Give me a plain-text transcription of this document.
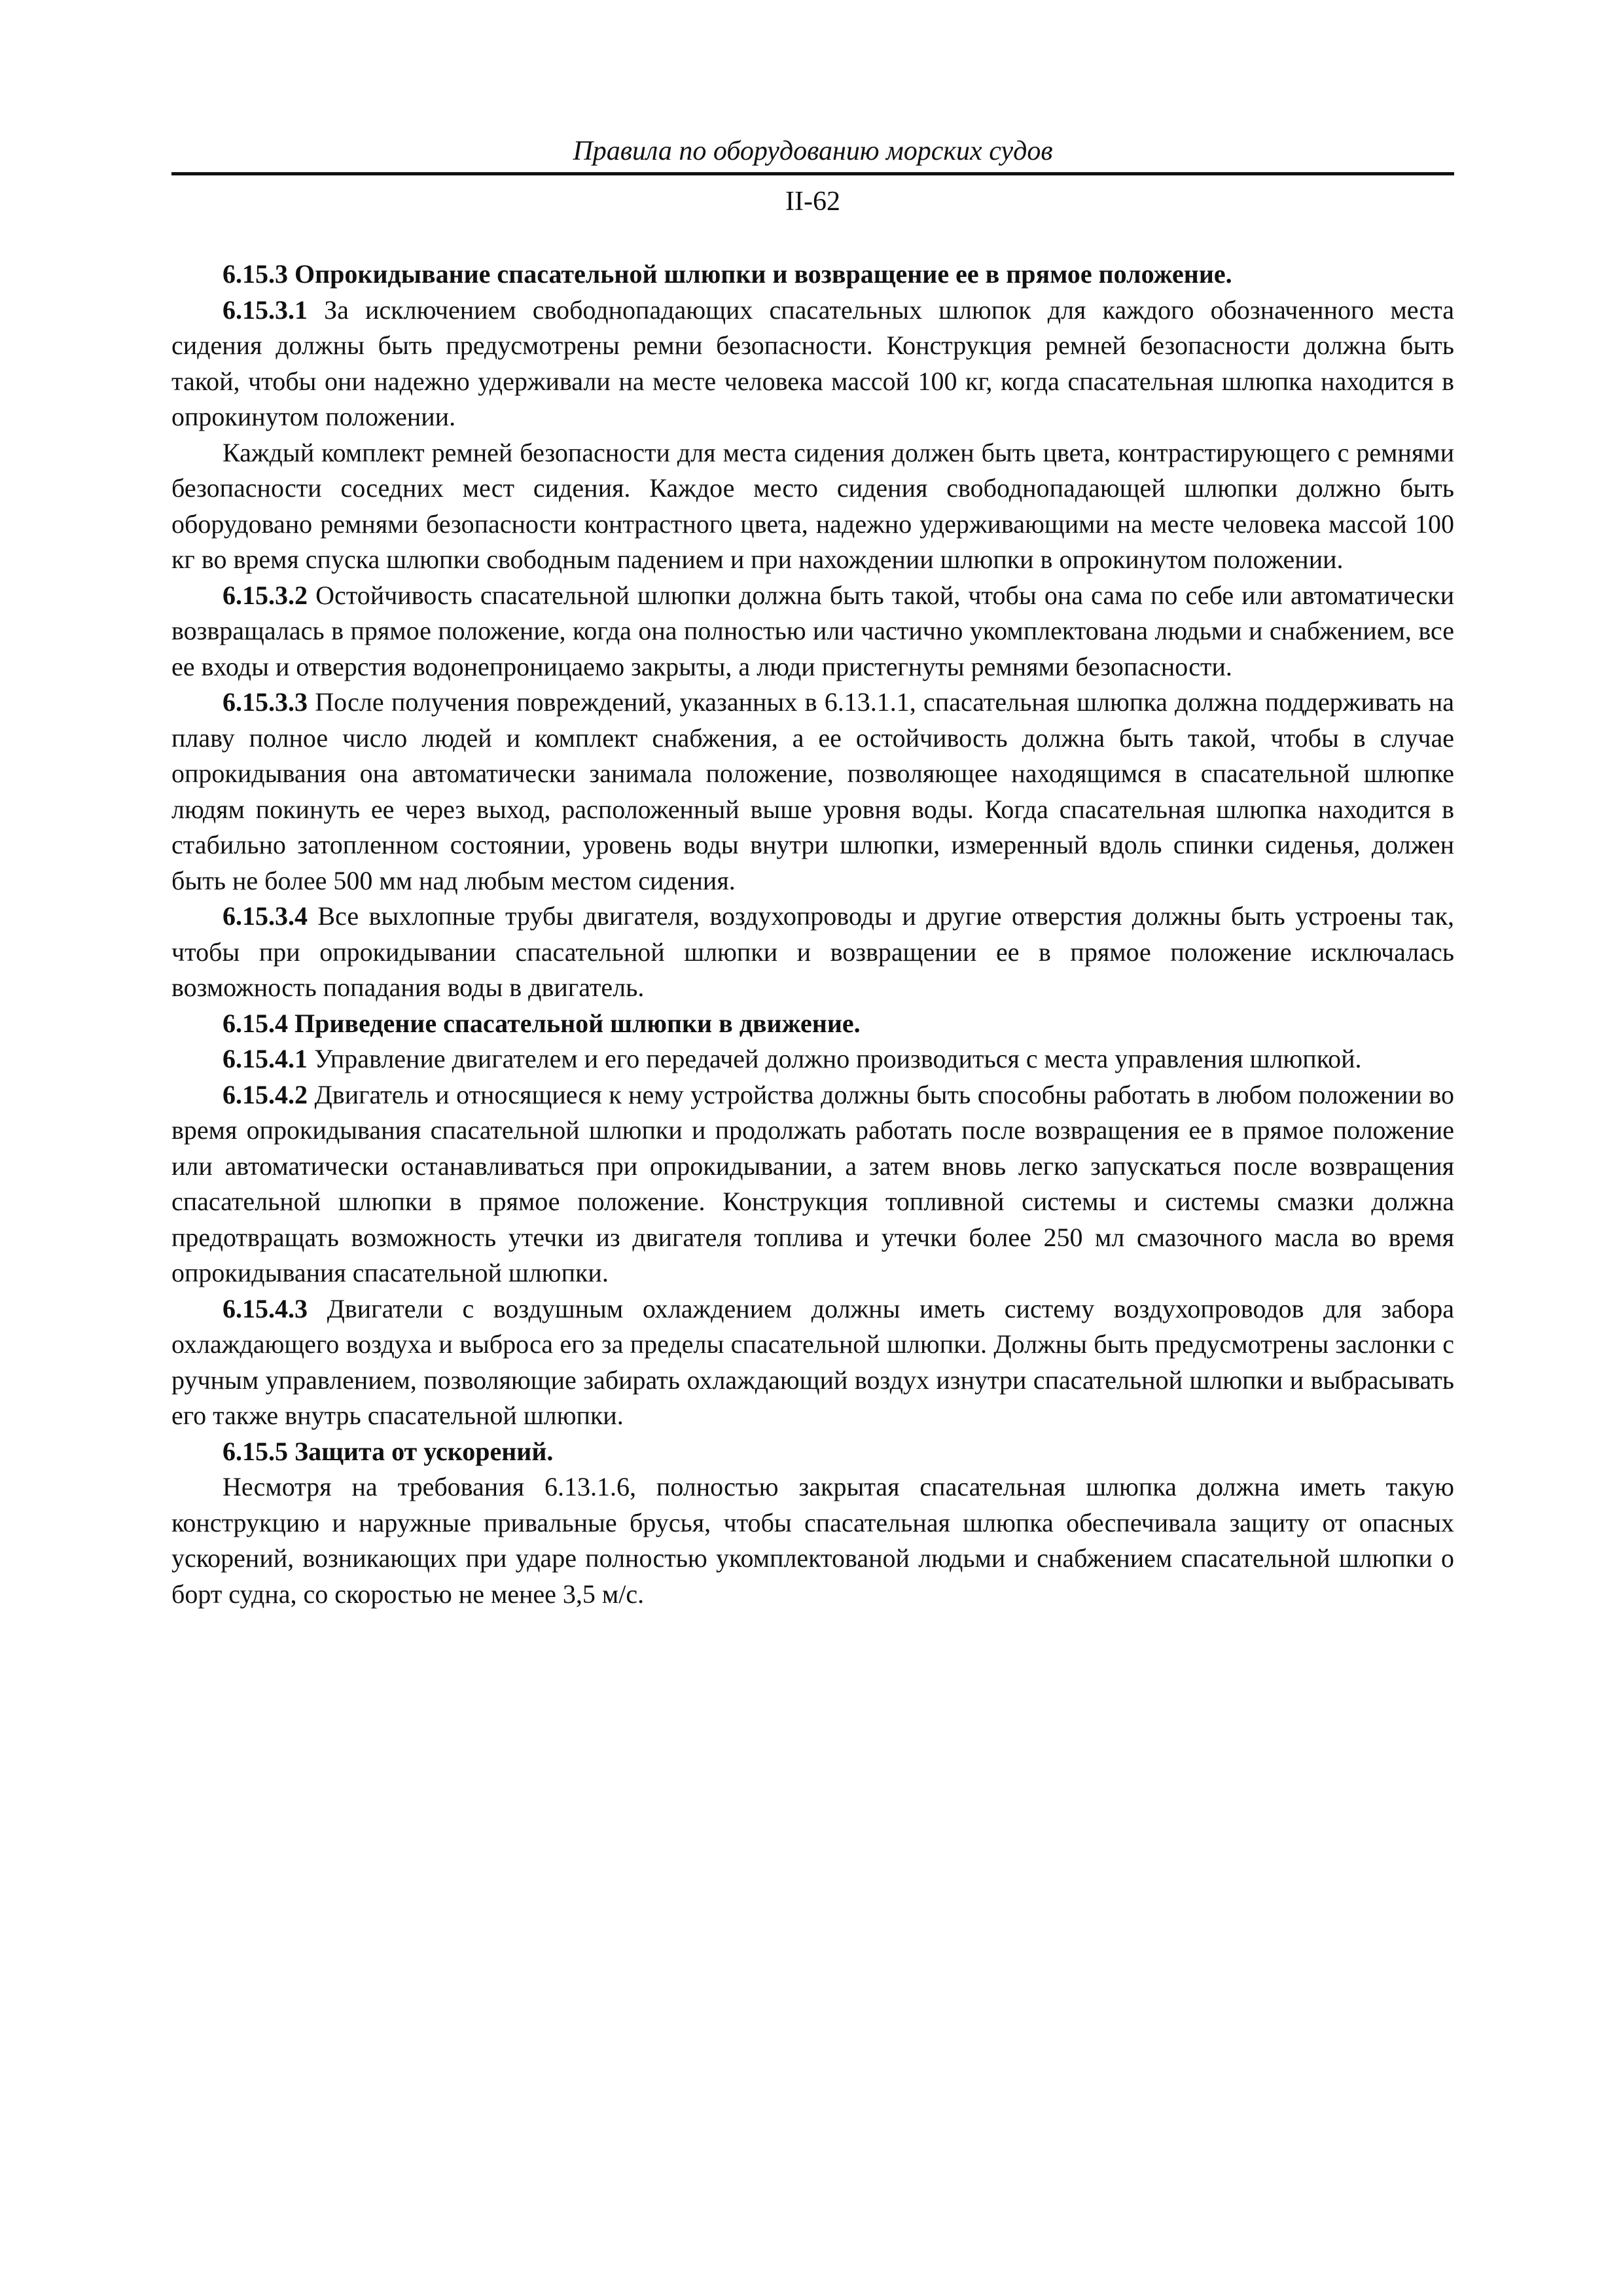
Правила по оборудованию морских судов
II-62

6.15.3 Опрокидывание спасательной шлюпки и возвращение ее в прямое положение.

6.15.3.1 За исключением свободнопадающих спасательных шлюпок для каждого обозначенного места сидения должны быть предусмотрены ремни безопасности. Конструкция ремней безопасности должна быть такой, чтобы они надежно удерживали на месте человека массой 100 кг, когда спасательная шлюпка находится в опрокинутом положении.

Каждый комплект ремней безопасности для места сидения должен быть цвета, контрастирующего с ремнями безопасности соседних мест сидения. Каждое место сидения свободнопадающей шлюпки должно быть оборудовано ремнями безопасности контрастного цвета, надежно удерживающими на месте человека массой 100 кг во время спуска шлюпки свободным падением и при нахождении шлюпки в опрокинутом положении.

6.15.3.2 Остойчивость спасательной шлюпки должна быть такой, чтобы она сама по себе или автоматически возвращалась в прямое положение, когда она полностью или частично укомплектована людьми и снабжением, все ее входы и отверстия водонепроницаемо закрыты, а люди пристегнуты ремнями безопасности.

6.15.3.3 После получения повреждений, указанных в 6.13.1.1, спасательная шлюпка должна поддерживать на плаву полное число людей и комплект снабжения, а ее остойчивость должна быть такой, чтобы в случае опрокидывания она автоматически занимала положение, позволяющее находящимся в спасательной шлюпке людям покинуть ее через выход, расположенный выше уровня воды. Когда спасательная шлюпка находится в стабильно затопленном состоянии, уровень воды внутри шлюпки, измеренный вдоль спинки сиденья, должен быть не более 500 мм над любым местом сидения.

6.15.3.4 Все выхлопные трубы двигателя, воздухопроводы и другие отверстия должны быть устроены так, чтобы при опрокидывании спасательной шлюпки и возвращении ее в прямое положение исключалась возможность попадания воды в двигатель.

6.15.4 Приведение спасательной шлюпки в движение.

6.15.4.1 Управление двигателем и его передачей должно производиться с места управления шлюпкой.

6.15.4.2 Двигатель и относящиеся к нему устройства должны быть способны работать в любом положении во время опрокидывания спасательной шлюпки и продолжать работать после возвращения ее в прямое положение или автоматически останавливаться при опрокидывании, а затем вновь легко запускаться после возвращения спасательной шлюпки в прямое положение. Конструкция топливной системы и системы смазки должна предотвращать возможность утечки из двигателя топлива и утечки более 250 мл смазочного масла во время опрокидывания спасательной шлюпки.

6.15.4.3 Двигатели с воздушным охлаждением должны иметь систему воздухопроводов для забора охлаждающего воздуха и выброса его за пределы спасательной шлюпки. Должны быть предусмотрены заслонки с ручным управлением, позволяющие забирать охлаждающий воздух изнутри спасательной шлюпки и выбрасывать его также внутрь спасательной шлюпки.

6.15.5 Защита от ускорений.

Несмотря на требования 6.13.1.6, полностью закрытая спасательная шлюпка должна иметь такую конструкцию и наружные привальные брусья, чтобы спасательная шлюпка обеспечивала защиту от опасных ускорений, возникающих при ударе полностью укомплектованой людьми и снабжением спасательной шлюпки о борт судна, со скоростью не менее 3,5 м/с.
